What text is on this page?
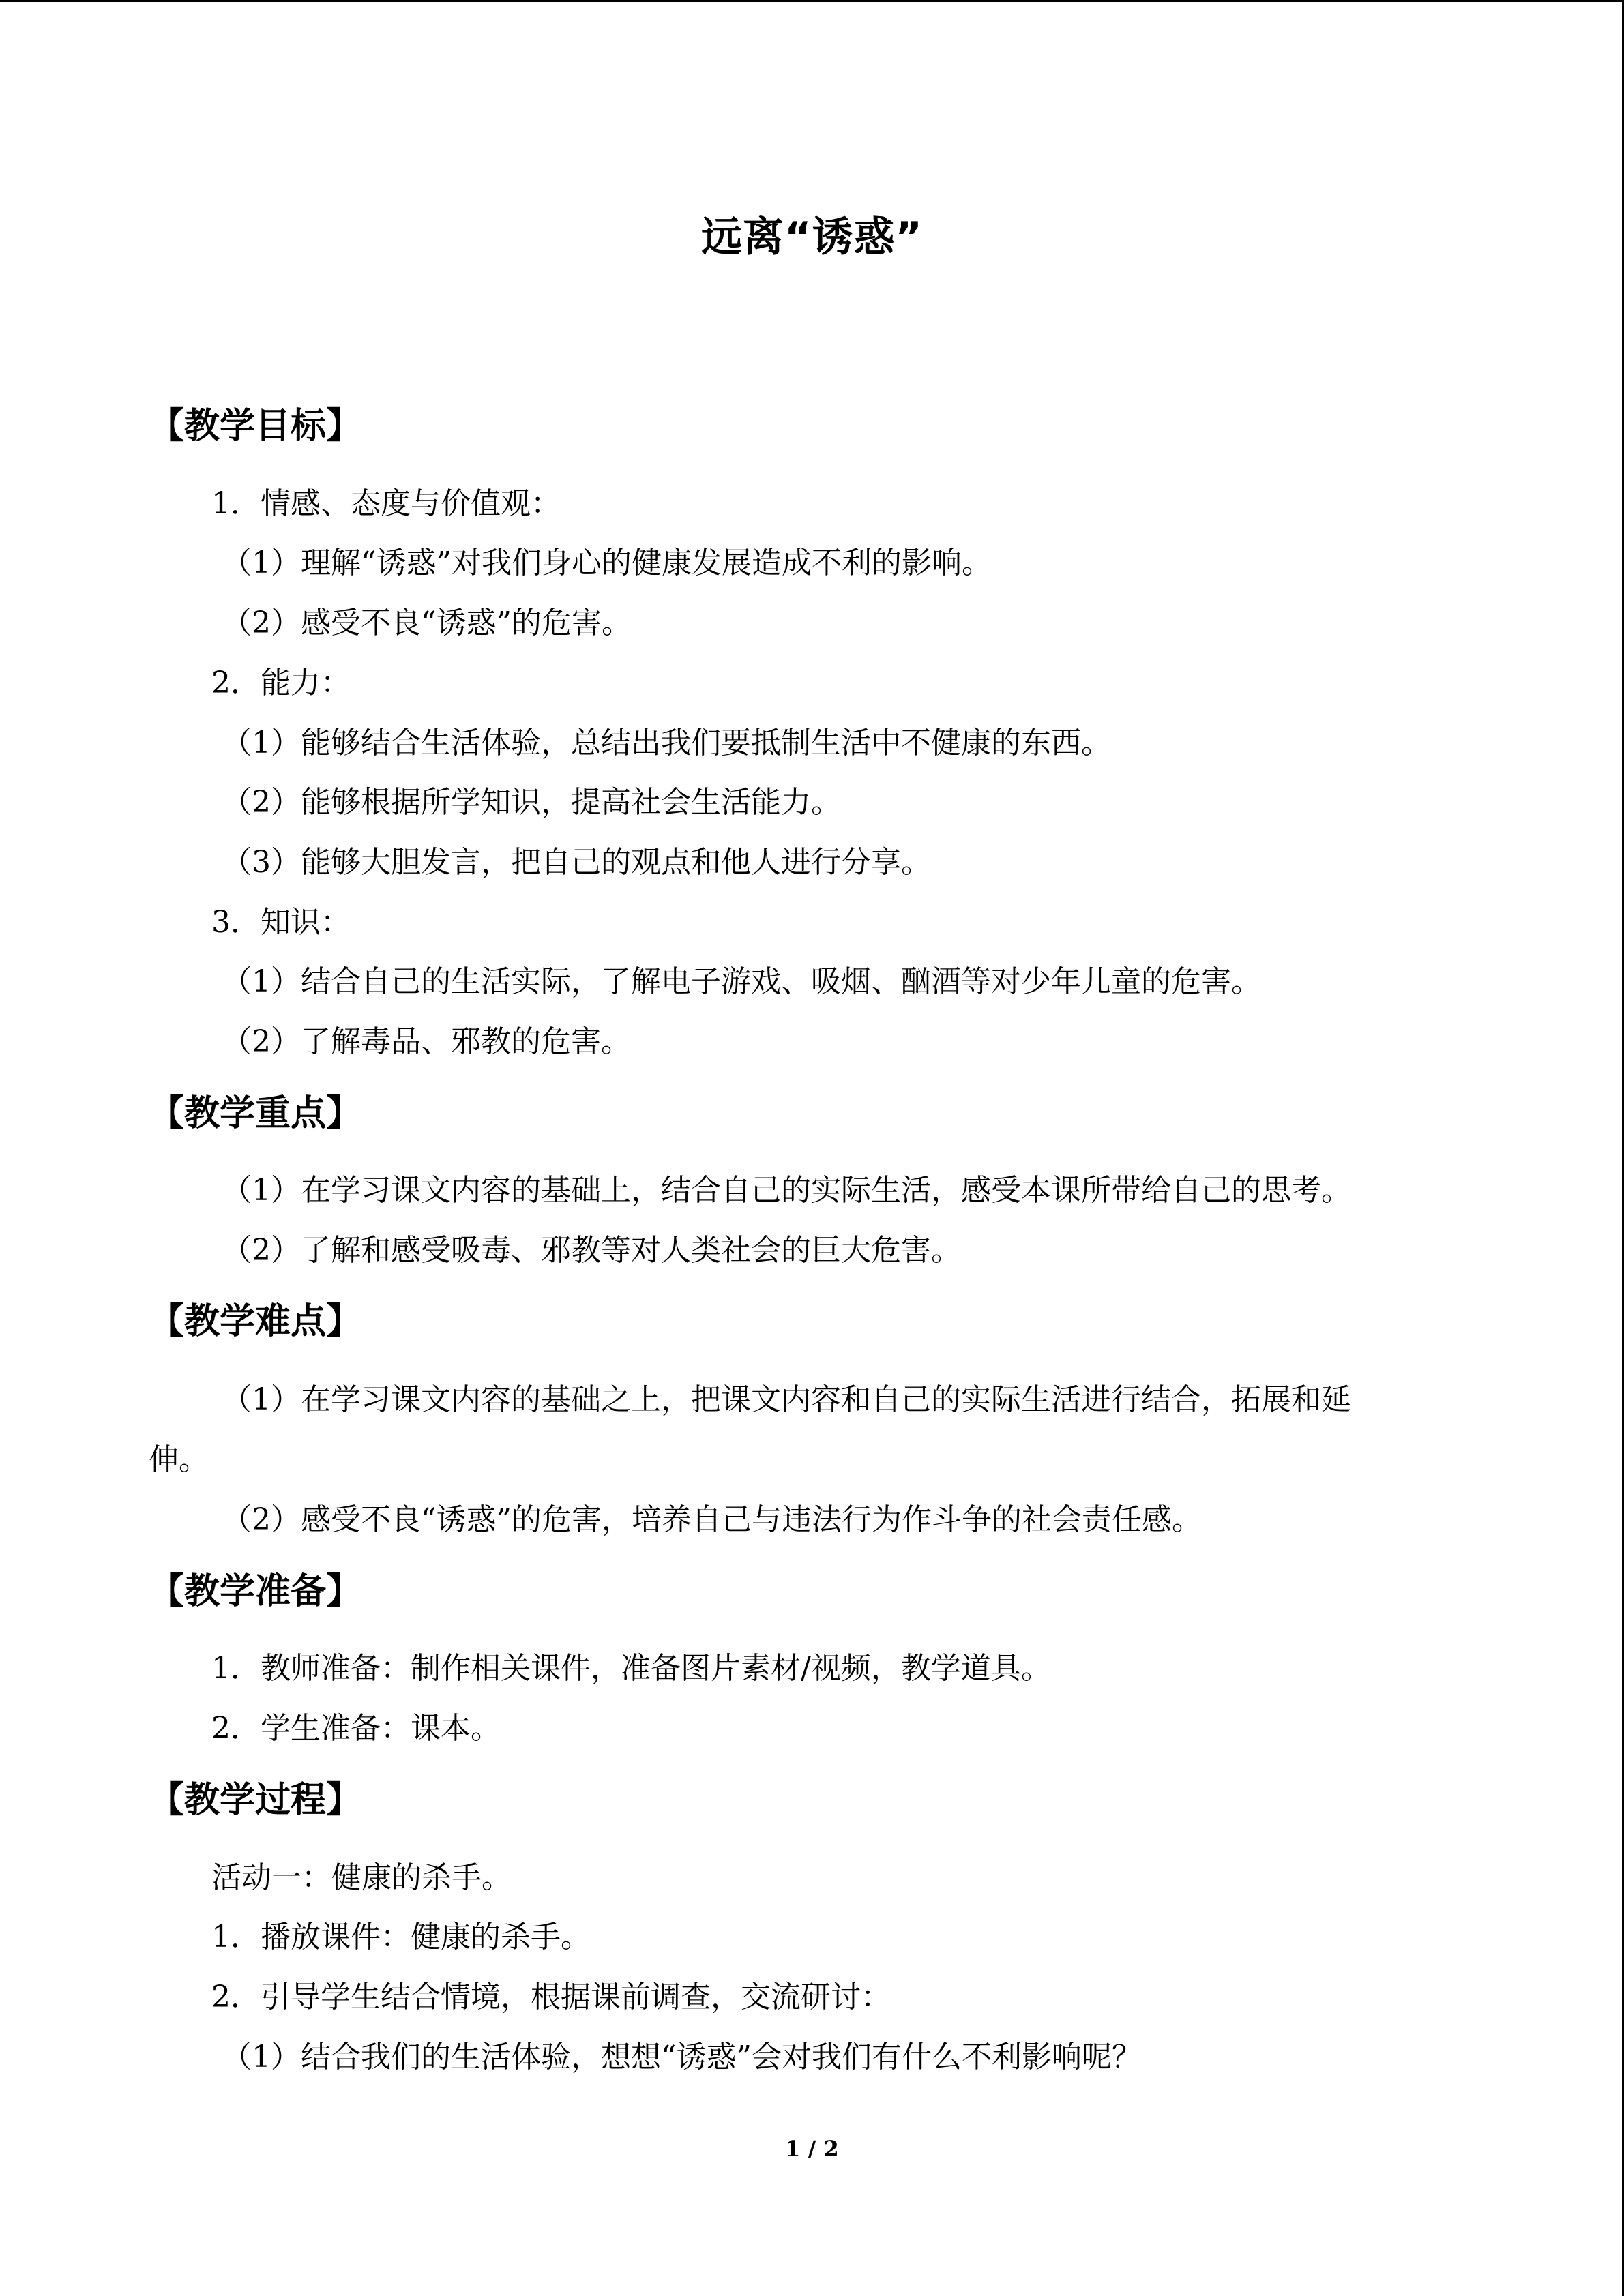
远离“诱惑”
【教学目标】
1．情感、态度与价值观：
（1）理解“诱惑”对我们身心的健康发展造成不利的影响。
（2）感受不良“诱惑”的危害。
2．能力：
（1）能够结合生活体验，总结出我们要抵制生活中不健康的东西。
（2）能够根据所学知识，提高社会生活能力。
（3）能够大胆发言，把自己的观点和他人进行分享。
3．知识：
（1）结合自己的生活实际，了解电子游戏、吸烟、酗酒等对少年儿童的危害。
（2）了解毒品、邪教的危害。
【教学重点】
（1）在学习课文内容的基础上，结合自己的实际生活，感受本课所带给自己的思考。
（2）了解和感受吸毒、邪教等对人类社会的巨大危害。
【教学难点】
（1）在学习课文内容的基础之上，把课文内容和自己的实际生活进行结合，拓展和延
伸。
（2）感受不良“诱惑”的危害，培养自己与违法行为作斗争的社会责任感。
【教学准备】
1．教师准备：制作相关课件，准备图片素材/视频，教学道具。
2．学生准备：课本。
【教学过程】
活动一：健康的杀手。
1．播放课件：健康的杀手。
2．引导学生结合情境，根据课前调查，交流研讨：
（1）结合我们的生活体验，想想“诱惑”会对我们有什么不利影响呢？
1 / 2
